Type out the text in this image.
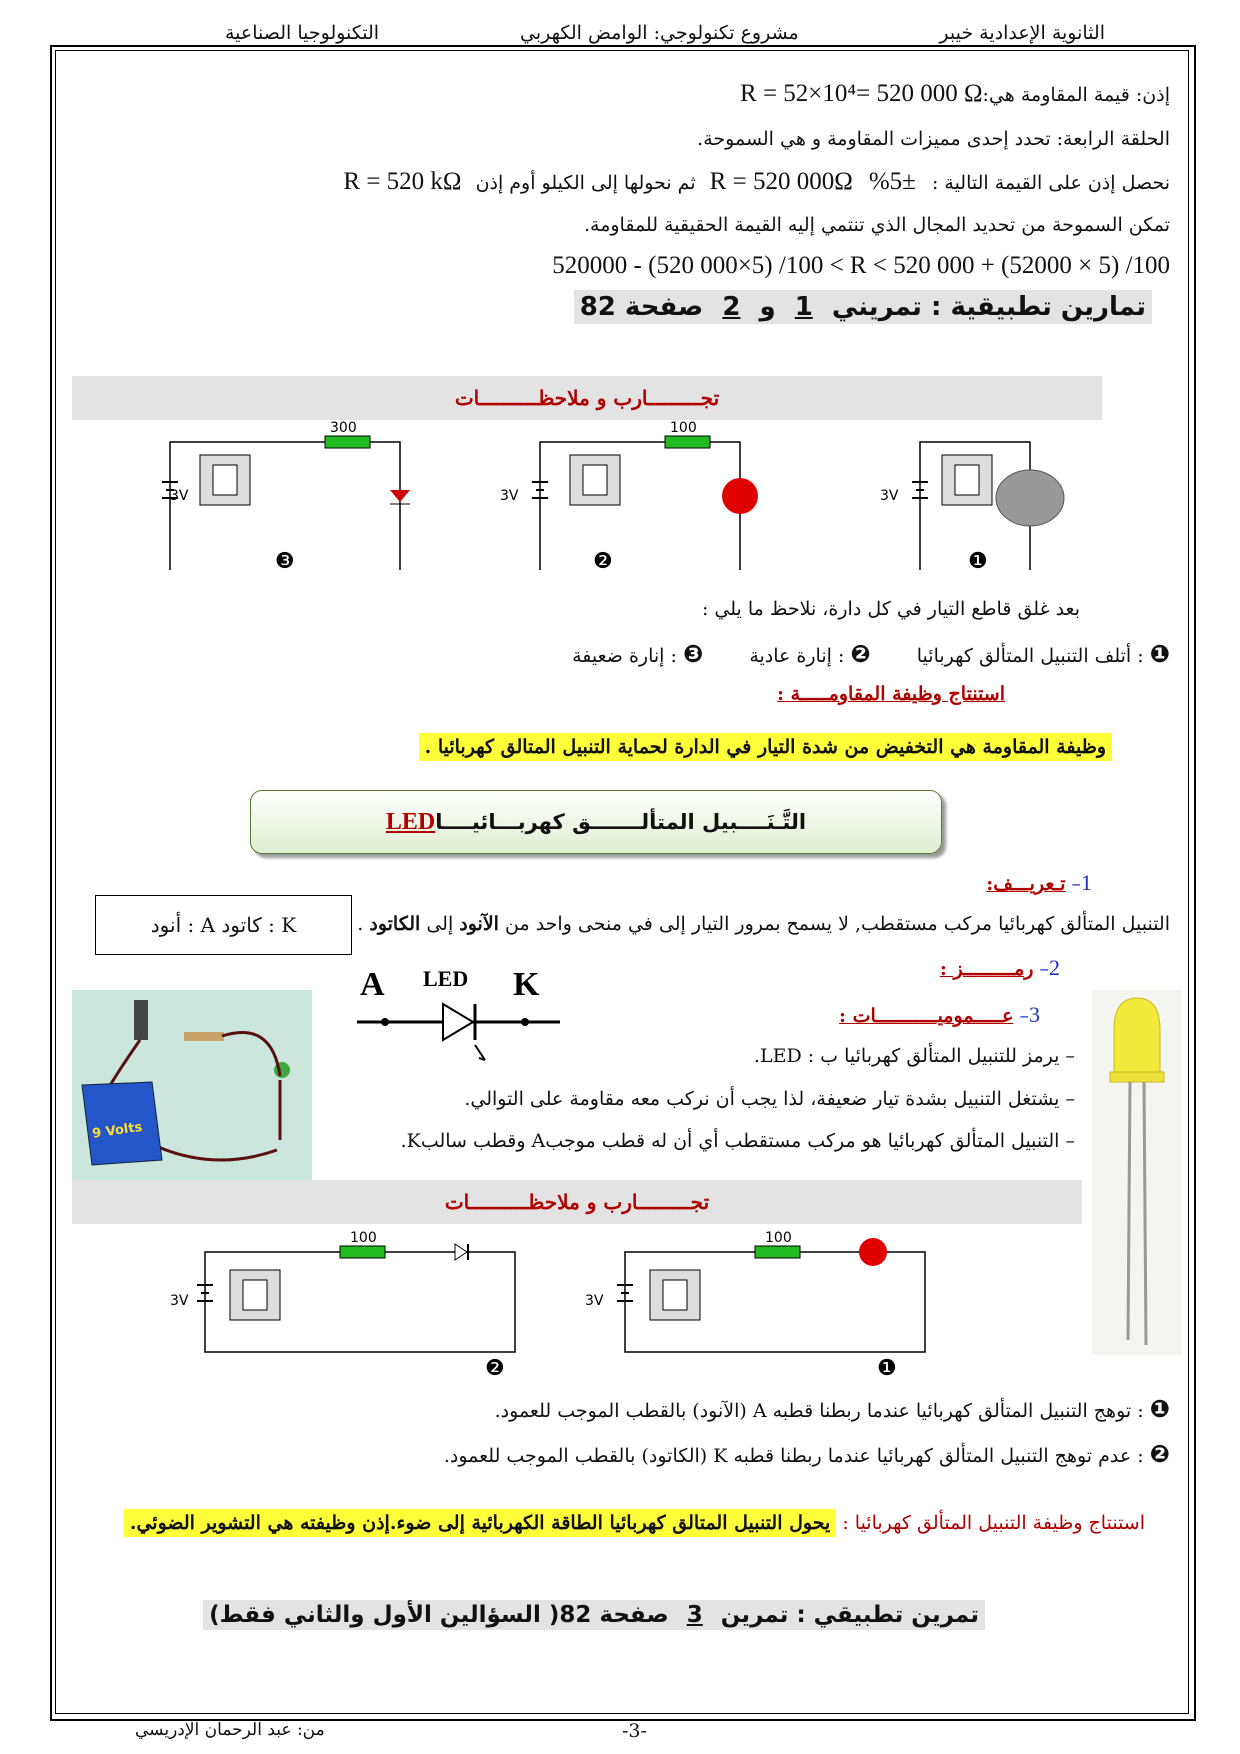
الثانوية الإعدادية خيبر
مشروع تكنولوجي: الوامض الكهربي
التكنولوجيا الصناعية
إذن: قيمة المقاومة هي:R = 52×10⁴= 520 000 Ω
الحلقة الرابعة: تحدد إحدى مميزات المقاومة و هي السموحة.
نحصل إذن على القيمة التالية : ±5% R = 520 000Ω ثم نحولها إلى الكيلو أوم إذن R = 520 kΩ
تمكن السموحة من تحديد المجال الذي تنتمي إليه القيمة الحقيقية للمقاومة.
520000 - (520 000×5) /100 < R < 520 000 + (52000 × 5) /100
تمارين تطبيقية : تمريني 1 و 2 صفحة 82
تجـــــــــارب و ملاحظــــــــــات
3V
300
❸
3V
100
❷
3V
❶
بعد غلق قاطع التيار في كل دارة، نلاحظ ما يلي :
❶ : أتلف التنبيل المتألق كهربائيا ❷ : إنارة عادية ❸ : إنارة ضعيفة
استنتاج وظيفة المقاومـــــة :
وظيفة المقاومة هي التخفيض من شدة التيار في الدارة لحماية التنبيل المتالق كهربائيا .
التَّـنَــــبيل المتألـــــــق كهربـــائيــــاLED
1– تـعريـــف:
التنبيل المتألق كهربائيا مركب مستقطب, لا يسمح بمرور التيار إلى في منحى واحد من الآنود إلى الكاتود .
K : كاتود A : أنود
2– رمـــــــــز :
A LED K
3– عـــــموميـــــــــــات :
– يرمز للتنبيل المتألق كهربائيا ب : LED.
– يشتغل التنبيل بشدة تيار ضعيفة، لذا يجب أن نركب معه مقاومة على التوالي.
– التنبيل المتألق كهربائيا هو مركب مستقطب أي أن له قطب موجبA وقطب سالبK.
9 Volts
تجـــــــــارب و ملاحظــــــــــات
3V
100
❷
3V
100
❶
❶ : توهج التنبيل المتألق كهربائيا عندما ربطنا قطبه A (الآنود) بالقطب الموجب للعمود.
❷ : عدم توهج التنبيل المتألق كهربائيا عندما ربطنا قطبه K (الكاتود) بالقطب الموجب للعمود.
استنتاج وظيفة التنبيل المتألق كهربائيا : يحول التنبيل المتالق كهربائيا الطاقة الكهربائية إلى ضوء.إذن وظيفته هي التشوير الضوئي.
تمرين تطبيقي : تمرين 3 صفحة 82( السؤالين الأول والثاني فقط)
من: عبد الرحمان الإدريسي	-3-
